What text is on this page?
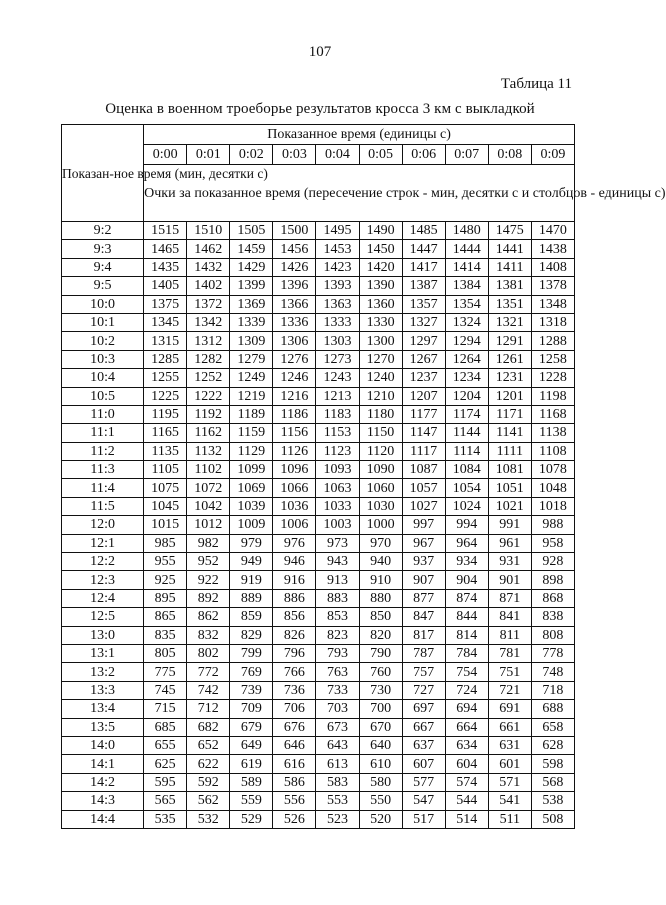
107
Таблица 11
Оценка в военном троеборье результатов кросса 3 км с выкладкой
Показан-ное время (мин, десятки с)	Показанное время (единицы с)									
	0:00	0:01	0:02	0:03	0:04	0:05	0:06	0:07	0:08	0:09
	Очки за показанное время (пересечение строк - мин, десятки с и столбцов - единицы с)									
9:2	1515	1510	1505	1500	1495	1490	1485	1480	1475	1470
9:3	1465	1462	1459	1456	1453	1450	1447	1444	1441	1438
9:4	1435	1432	1429	1426	1423	1420	1417	1414	1411	1408
9:5	1405	1402	1399	1396	1393	1390	1387	1384	1381	1378
10:0	1375	1372	1369	1366	1363	1360	1357	1354	1351	1348
10:1	1345	1342	1339	1336	1333	1330	1327	1324	1321	1318
10:2	1315	1312	1309	1306	1303	1300	1297	1294	1291	1288
10:3	1285	1282	1279	1276	1273	1270	1267	1264	1261	1258
10:4	1255	1252	1249	1246	1243	1240	1237	1234	1231	1228
10:5	1225	1222	1219	1216	1213	1210	1207	1204	1201	1198
11:0	1195	1192	1189	1186	1183	1180	1177	1174	1171	1168
11:1	1165	1162	1159	1156	1153	1150	1147	1144	1141	1138
11:2	1135	1132	1129	1126	1123	1120	1117	1114	1111	1108
11:3	1105	1102	1099	1096	1093	1090	1087	1084	1081	1078
11:4	1075	1072	1069	1066	1063	1060	1057	1054	1051	1048
11:5	1045	1042	1039	1036	1033	1030	1027	1024	1021	1018
12:0	1015	1012	1009	1006	1003	1000	997	994	991	988
12:1	985	982	979	976	973	970	967	964	961	958
12:2	955	952	949	946	943	940	937	934	931	928
12:3	925	922	919	916	913	910	907	904	901	898
12:4	895	892	889	886	883	880	877	874	871	868
12:5	865	862	859	856	853	850	847	844	841	838
13:0	835	832	829	826	823	820	817	814	811	808
13:1	805	802	799	796	793	790	787	784	781	778
13:2	775	772	769	766	763	760	757	754	751	748
13:3	745	742	739	736	733	730	727	724	721	718
13:4	715	712	709	706	703	700	697	694	691	688
13:5	685	682	679	676	673	670	667	664	661	658
14:0	655	652	649	646	643	640	637	634	631	628
14:1	625	622	619	616	613	610	607	604	601	598
14:2	595	592	589	586	583	580	577	574	571	568
14:3	565	562	559	556	553	550	547	544	541	538
14:4	535	532	529	526	523	520	517	514	511	508
